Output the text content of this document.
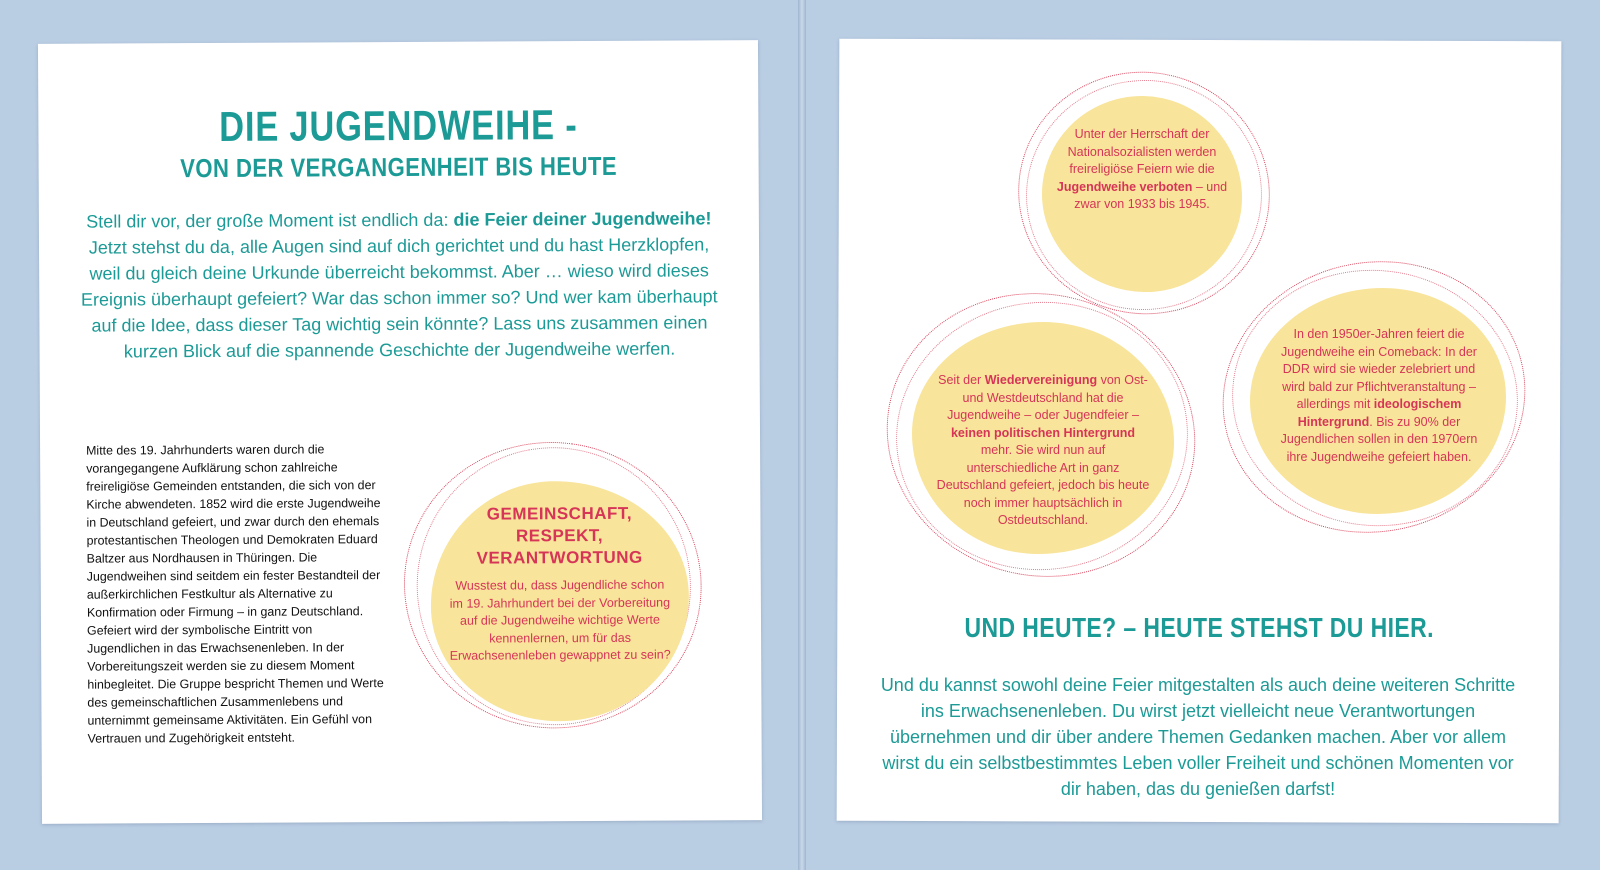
DIE JUGENDWEIHE -
VON DER VERGANGENHEIT BIS HEUTE
Stell dir vor, der große Moment ist endlich da: die Feier deiner Jugendweihe! Jetzt stehst du da, alle Augen sind auf dich gerichtet und du hast Herzklopfen, weil du gleich deine Urkunde überreicht bekommst. Aber … wieso wird dieses Ereignis überhaupt gefeiert? War das schon immer so? Und wer kam überhaupt auf die Idee, dass dieser Tag wichtig sein könnte? Lass uns zusammen einen kurzen Blick auf die spannende Geschichte der Jugendweihe werfen.
Mitte des 19. Jahrhunderts waren durch die vorangegangene Aufklärung schon zahlreiche freireligiöse Gemeinden entstanden, die sich von der Kirche abwendeten. 1852 wird die erste Jugendweihe in Deutschland gefeiert, und zwar durch den ehemals protestantischen Theologen und Demokraten Eduard Baltzer aus Nordhausen in Thüringen. Die Jugendweihen sind seitdem ein fester Bestandteil der außerkirchlichen Festkultur als Alternative zu Konfirmation oder Firmung – in ganz Deutschland. Gefeiert wird der symbolische Eintritt von Jugendlichen in das Erwachsenenleben. In der Vorbereitungszeit werden sie zu diesem Moment hinbegleitet. Die Gruppe bespricht Themen und Werte des gemeinschaftlichen Zusammenlebens und unternimmt gemeinsame Aktivitäten. Ein Gefühl von Vertrauen und Zugehörigkeit entsteht.
GEMEINSCHAFT,
RESPEKT,
VERANTWORTUNG
Wusstest du, dass Jugendliche schon im 19. Jahrhundert bei der Vorbereitung auf die Jugendweihe wichtige Werte kennenlernen, um für das Erwachsenenleben gewappnet zu sein?
Unter der Herrschaft der Nationalsozialisten werden freireligiöse Feiern wie die Jugendweihe verboten – und zwar von 1933 bis 1945.
Seit der Wiedervereinigung von Ost- und Westdeutschland hat die Jugendweihe – oder Jugendfeier – keinen politischen Hintergrund mehr. Sie wird nun auf unterschiedliche Art in ganz Deutschland gefeiert, jedoch bis heute noch immer hauptsächlich in Ostdeutschland.
In den 1950er-Jahren feiert die Jugendweihe ein Comeback: In der DDR wird sie wieder zelebriert und wird bald zur Pflichtveranstaltung – allerdings mit ideologischem Hintergrund. Bis zu 90% der Jugendlichen sollen in den 1970ern ihre Jugendweihe gefeiert haben.
UND HEUTE? – HEUTE STEHST DU HIER.
Und du kannst sowohl deine Feier mitgestalten als auch deine weiteren Schritte ins Erwachsenenleben. Du wirst jetzt vielleicht neue Verantwortungen übernehmen und dir über andere Themen Gedanken machen. Aber vor allem wirst du ein selbstbestimmtes Leben voller Freiheit und schönen Momenten vor dir haben, das du genießen darfst!
